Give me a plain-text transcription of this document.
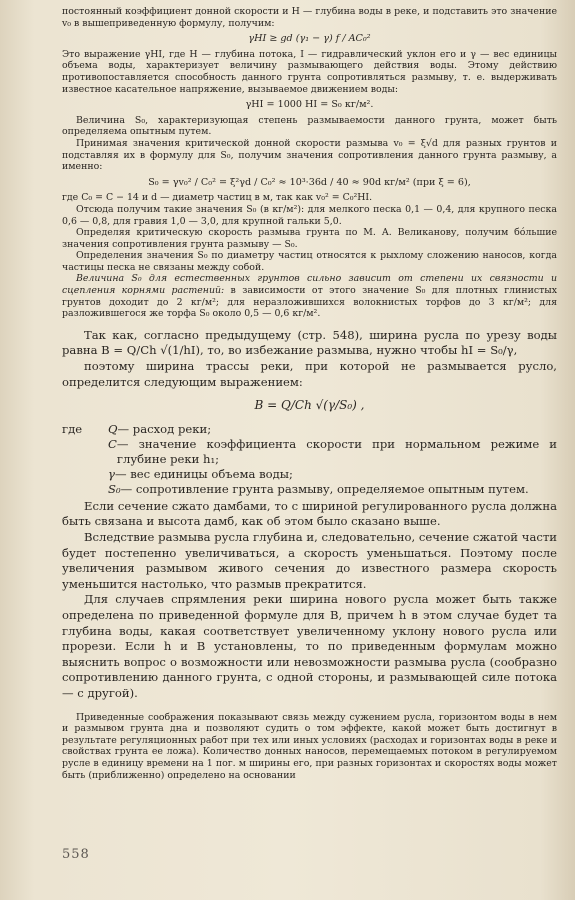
постоянный коэффициент донной скорости и H — глубина воды в реке, и подставить это значение v₀ в вышеприведенную формулу, получим:

γHI ≥ gd (γ₁ − γ) f / AC₀²

Это выражение γHI, где H — глубина потока, I — гидравлический уклон его и γ — вес единицы объема воды, характеризует величину размывающего действия воды. Этому действию противопоставляется способность данного грунта сопротивляться размыву, т. е. выдерживать известное касательное напряжение, вызываемое движением воды:

γHI = 1000 HI = S₀ кг/м².

Величина S₀, характеризующая степень размываемости данного грунта, может быть определяема опытным путем.

Принимая значения критической донной скорости размыва v₀ = ξ√d для разных грунтов и подставляя их в формулу для S₀, получим значения сопротивления данного грунта размыву, а именно:

S₀ = γv₀² / C₀² = ξ²γd / C₀² ≈ 10³·36d / 40 ≈ 90d кг/м² (при ξ = 6),

где C₀ = C − 14 и d — диаметр частиц в м, так как v₀² = C₀²HI.

Отсюда получим такие значения S₀ (в кг/м²): для мелкого песка 0,1 — 0,4, для крупного песка 0,6 — 0,8, для гравия 1,0 — 3,0, для крупной гальки 5,0.

Определяя критическую скорость размыва грунта по М. А. Великанову, получим бо́льшие значения сопротивления грунта размыву — S₀.

Определения значения S₀ по диаметру частиц относятся к рыхлому сложению наносов, когда частицы песка не связаны между собой.

Величина S₀ для естественных грунтов сильно зависит от степени их связности и сцепления корнями растений: в зависимости от этого значение S₀ для плотных глинистых грунтов доходит до 2 кг/м²; для неразложившихся волокнистых торфов до 3 кг/м²; для разложившегося же торфа S₀ около 0,5 — 0,6 кг/м².

Так как, согласно предыдущему (стр. 548), ширина русла по урезу воды равна B = Q/Ch √(1/hI), то, во избежание размыва, нужно чтобы hI = S₀/γ,

поэтому ширина трассы реки, при которой не размывается русло, определится следующим выражением:

B = Q/Ch √(γ/S₀) ,
где	Q — расход реки;
C — значение коэффициента скорости при нормальном режиме и глубине реки h₁;
γ — вес единицы объема воды;
S₀ — сопротивление грунта размыву, определяемое опытным путем.

Если сечение сжато дамбами, то с шириной регулированного русла должна быть связана и высота дамб, как об этом было сказано выше.

Вследствие размыва русла глубина и, следовательно, сечение сжатой части будет постепенно увеличиваться, а скорость уменьшаться. Поэтому после увеличения размывом живого сечения до известного размера скорость уменьшится настолько, что размыв прекратится.

Для случаев спрямления реки ширина нового русла может быть также определена по приведенной формуле для B, причем h в этом случае будет та глубина воды, какая соответствует увеличенному уклону нового русла или прорези. Если h и B установлены, то по приведенным формулам можно выяснить вопрос о возможности или невозможности размыва русла (сообразно сопротивлению данного грунта, с одной стороны, и размывающей силе потока — с другой).

Приведенные соображения показывают связь между сужением русла, горизонтом воды в нем и размывом грунта дна и позволяют судить о том эффекте, какой может быть достигнут в результате регуляционных работ при тех или иных условиях (расходах и горизонтах воды в реке и свойствах грунта ее ложа). Количество донных наносов, перемещаемых потоком в регулируемом русле в единицу времени на 1 пог. м ширины его, при разных горизонтах и скоростях воды может быть (приближенно) определено на основании

558
